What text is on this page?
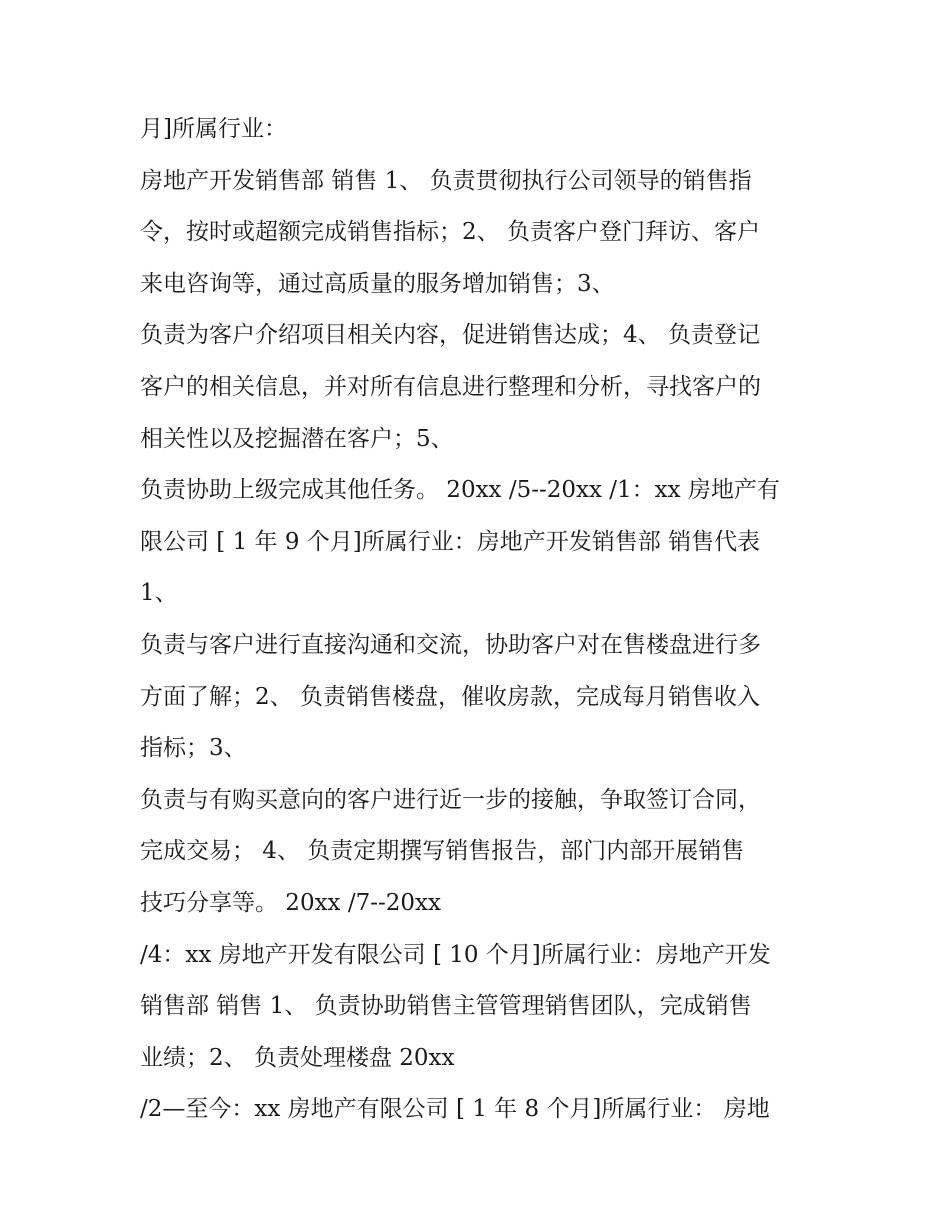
月]所属行业：
房地产开发销售部 销售 1、 负责贯彻执行公司领导的销售指
令，按时或超额完成销售指标；2、 负责客户登门拜访、客户
来电咨询等，通过高质量的服务增加销售；3、
负责为客户介绍项目相关内容，促进销售达成；4、 负责登记
客户的相关信息，并对所有信息进行整理和分析，寻找客户的
相关性以及挖掘潜在客户；5、
负责协助上级完成其他任务。 20xx /5--20xx /1：xx 房地产有
限公司 [ 1 年 9 个月]所属行业：房地产开发销售部 销售代表
1、
负责与客户进行直接沟通和交流，协助客户对在售楼盘进行多
方面了解；2、 负责销售楼盘，催收房款，完成每月销售收入
指标；3、
负责与有购买意向的客户进行近一步的接触，争取签订合同，
完成交易； 4、 负责定期撰写销售报告，部门内部开展销售
技巧分享等。 20xx /7--20xx
/4：xx 房地产开发有限公司 [ 10 个月]所属行业：房地产开发
销售部 销售 1、 负责协助销售主管管理销售团队，完成销售
业绩；2、 负责处理楼盘 20xx
/2—至今：xx 房地产有限公司 [ 1 年 8 个月]所属行业： 房地
